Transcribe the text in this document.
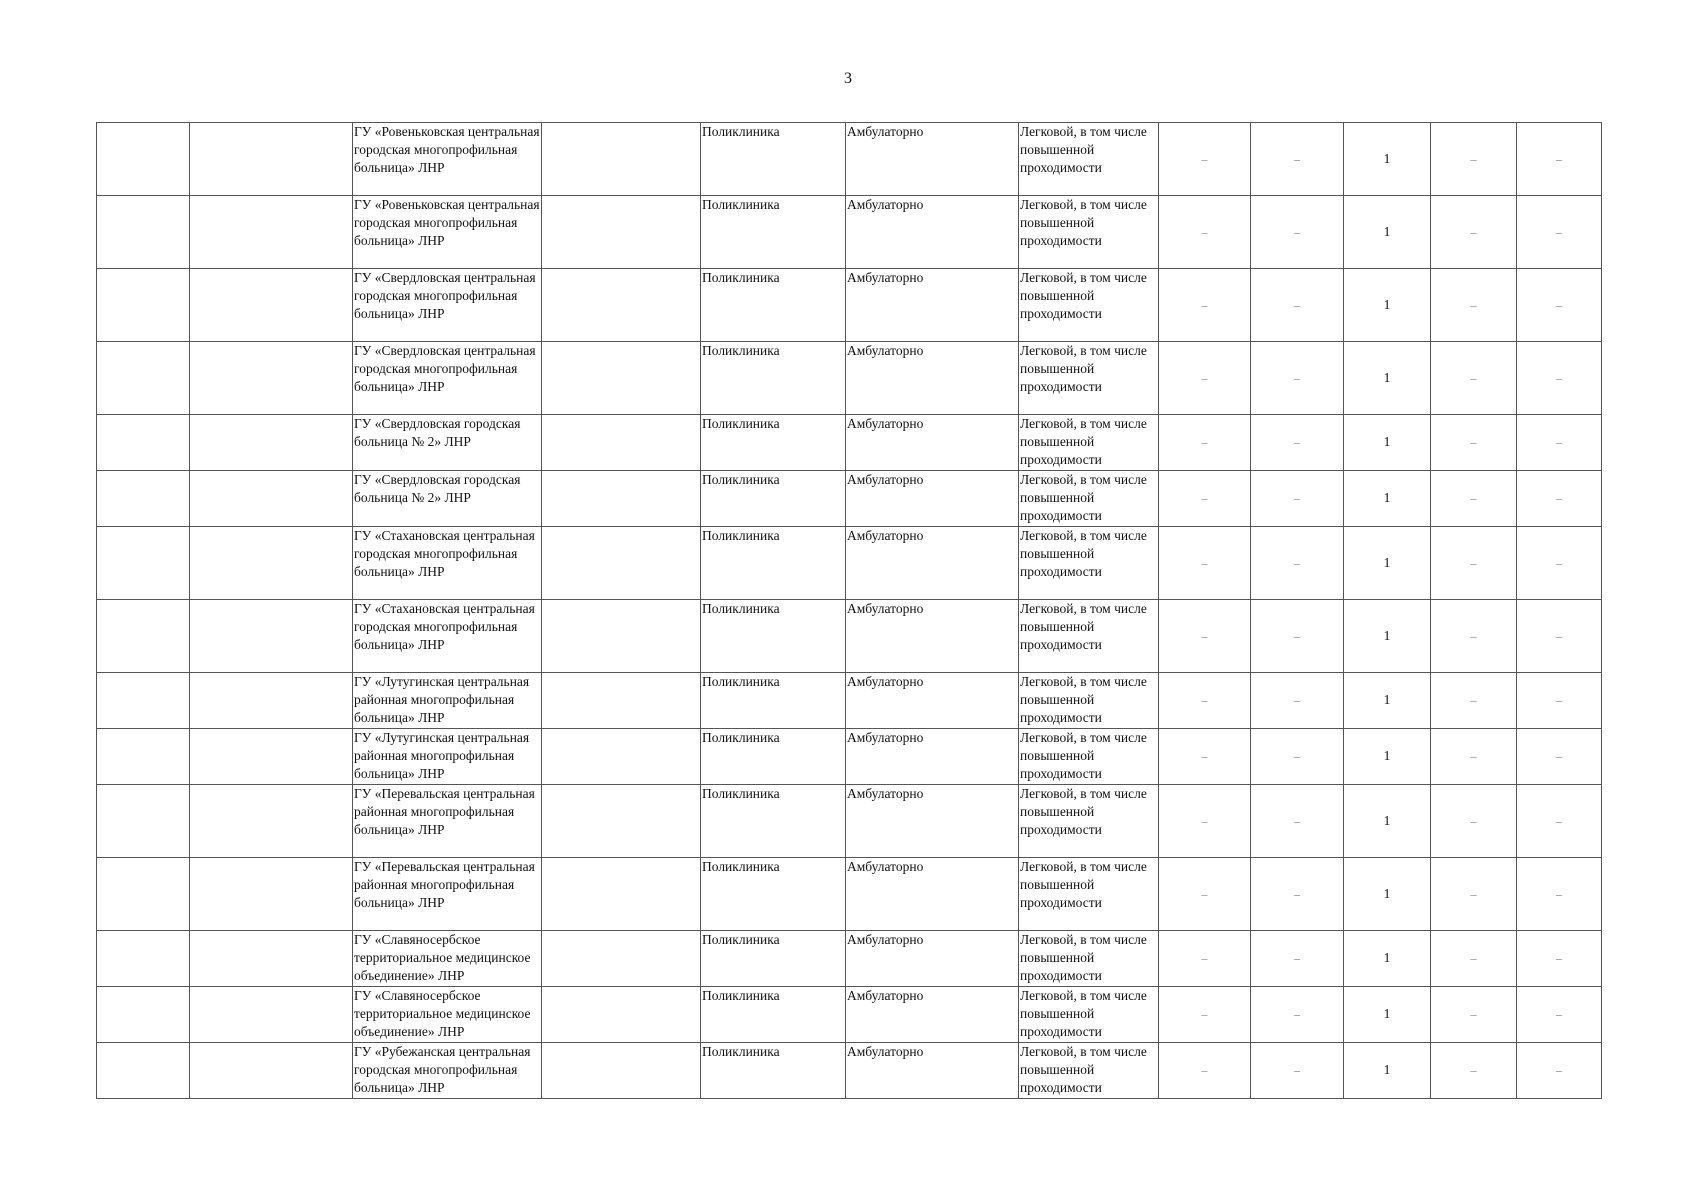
3
		ГУ «Ровеньковская центральная городская многопрофильная больница» ЛНР		Поликлиника	Амбулаторно	Легковой, в том числе повышенной проходимости	–	–	1	–	–
		ГУ «Ровеньковская центральная городская многопрофильная больница» ЛНР		Поликлиника	Амбулаторно	Легковой, в том числе повышенной проходимости	–	–	1	–	–
		ГУ «Свердловская центральная городская многопрофильная больница» ЛНР		Поликлиника	Амбулаторно	Легковой, в том числе повышенной проходимости	–	–	1	–	–
		ГУ «Свердловская центральная городская многопрофильная больница» ЛНР		Поликлиника	Амбулаторно	Легковой, в том числе повышенной проходимости	–	–	1	–	–
		ГУ «Свердловская городская больница № 2» ЛНР		Поликлиника	Амбулаторно	Легковой, в том числе повышенной проходимости	–	–	1	–	–
		ГУ «Свердловская городская больница № 2» ЛНР		Поликлиника	Амбулаторно	Легковой, в том числе повышенной проходимости	–	–	1	–	–
		ГУ «Стахановская центральная городская многопрофильная больница» ЛНР		Поликлиника	Амбулаторно	Легковой, в том числе повышенной проходимости	–	–	1	–	–
		ГУ «Стахановская центральная городская многопрофильная больница» ЛНР		Поликлиника	Амбулаторно	Легковой, в том числе повышенной проходимости	–	–	1	–	–
		ГУ «Лутугинская центральная районная многопрофильная больница» ЛНР		Поликлиника	Амбулаторно	Легковой, в том числе повышенной проходимости	–	–	1	–	–
		ГУ «Лутугинская центральная районная многопрофильная больница» ЛНР		Поликлиника	Амбулаторно	Легковой, в том числе повышенной проходимости	–	–	1	–	–
		ГУ «Перевальская центральная районная многопрофильная больница» ЛНР		Поликлиника	Амбулаторно	Легковой, в том числе повышенной проходимости	–	–	1	–	–
		ГУ «Перевальская центральная районная многопрофильная больница» ЛНР		Поликлиника	Амбулаторно	Легковой, в том числе повышенной проходимости	–	–	1	–	–
		ГУ «Славяносербское территориальное медицинское объединение» ЛНР		Поликлиника	Амбулаторно	Легковой, в том числе повышенной проходимости	–	–	1	–	–
		ГУ «Славяносербское территориальное медицинское объединение» ЛНР		Поликлиника	Амбулаторно	Легковой, в том числе повышенной проходимости	–	–	1	–	–
		ГУ «Рубежанская центральная городская многопрофильная больница» ЛНР		Поликлиника	Амбулаторно	Легковой, в том числе повышенной проходимости	–	–	1	–	–
